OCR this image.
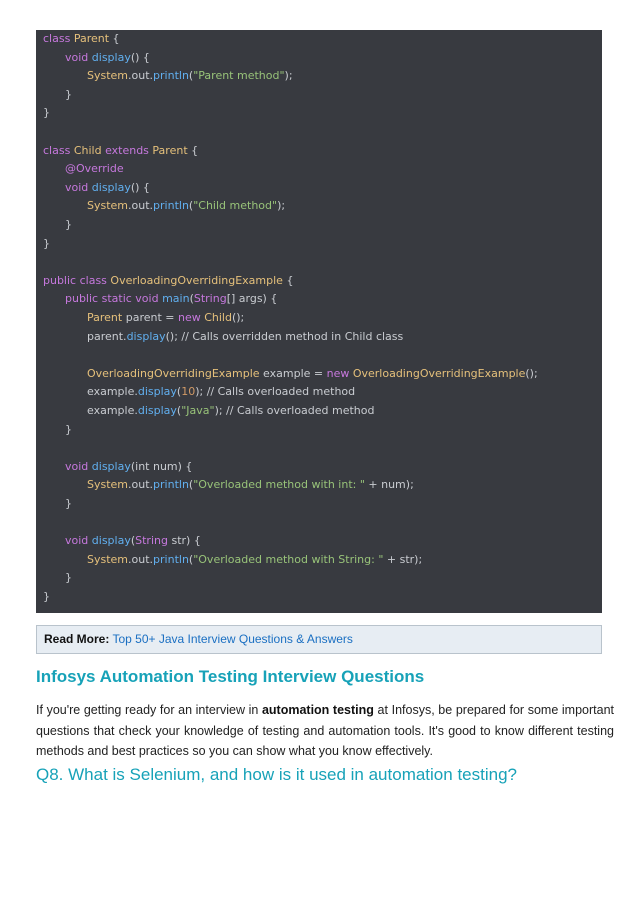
class Parent {
void display() {
System.out.println("Parent method");
}
}
class Child extends Parent {
@Override
void display() {
System.out.println("Child method");
}
}
public class OverloadingOverridingExample {
public static void main(String[] args) {
Parent parent = new Child();
parent.display(); // Calls overridden method in Child class
OverloadingOverridingExample example = new OverloadingOverridingExample();
example.display(10); // Calls overloaded method
example.display("Java"); // Calls overloaded method
}
void display(int num) {
System.out.println("Overloaded method with int: " + num);
}
void display(String str) {
System.out.println("Overloaded method with String: " + str);
}
}
Read More: Top 50+ Java Interview Questions & Answers
Infosys Automation Testing Interview Questions

If you're getting ready for an interview in automation testing at Infosys, be prepared for some important questions that check your knowledge of testing and automation tools. It's good to know different testing methods and best practices so you can show what you know effectively.

Q8. What is Selenium, and how is it used in automation testing?
